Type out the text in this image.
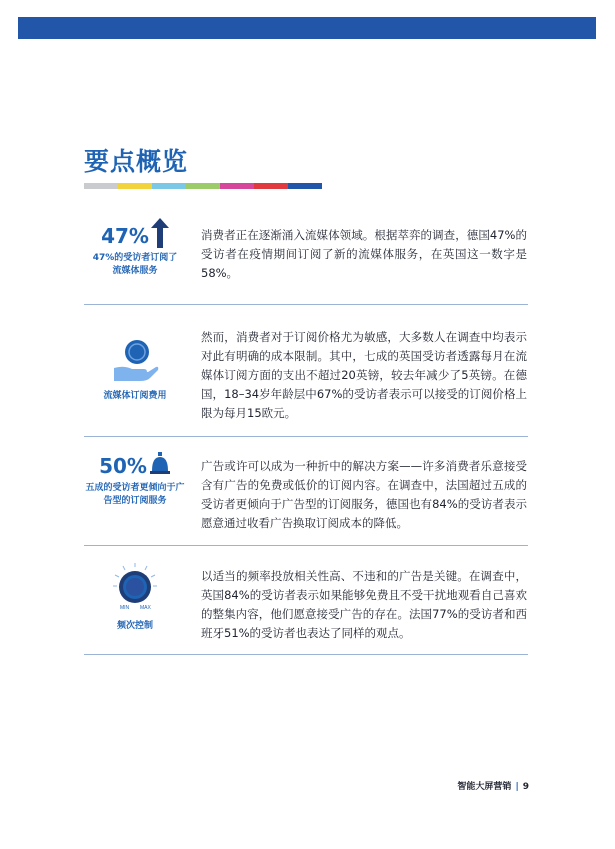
要点概览
47%
47%的受访者订阅了流媒体服务
消费者正在逐渐涌入流媒体领域。根据萃弈的调查，德国47%的受访者在疫情期间订阅了新的流媒体服务，在英国这一数字是58%。
流媒体订阅费用
然而，消费者对于订阅价格尤为敏感，大多数人在调查中均表示对此有明确的成本限制。其中，七成的英国受访者透露每月在流媒体订阅方面的支出不超过20英镑，较去年减少了5英镑。在德国，18–34岁年龄层中67%的受访者表示可以接受的订阅价格上限为每月15欧元。
50%
五成的受访者更倾向于广告型的订阅服务
广告或许可以成为一种折中的解决方案——许多消费者乐意接受含有广告的免费或低价的订阅内容。在调查中，法国超过五成的受访者更倾向于广告型的订阅服务，德国也有84%的受访者表示愿意通过收看广告换取订阅成本的降低。
MIN MAX
频次控制
以适当的频率投放相关性高、不违和的广告是关键。在调查中，英国84%的受访者表示如果能够免费且不受干扰地观看自己喜欢的整集内容，他们愿意接受广告的存在。法国77%的受访者和西班牙51%的受访者也表达了同样的观点。
智能大屏营销 | 9
